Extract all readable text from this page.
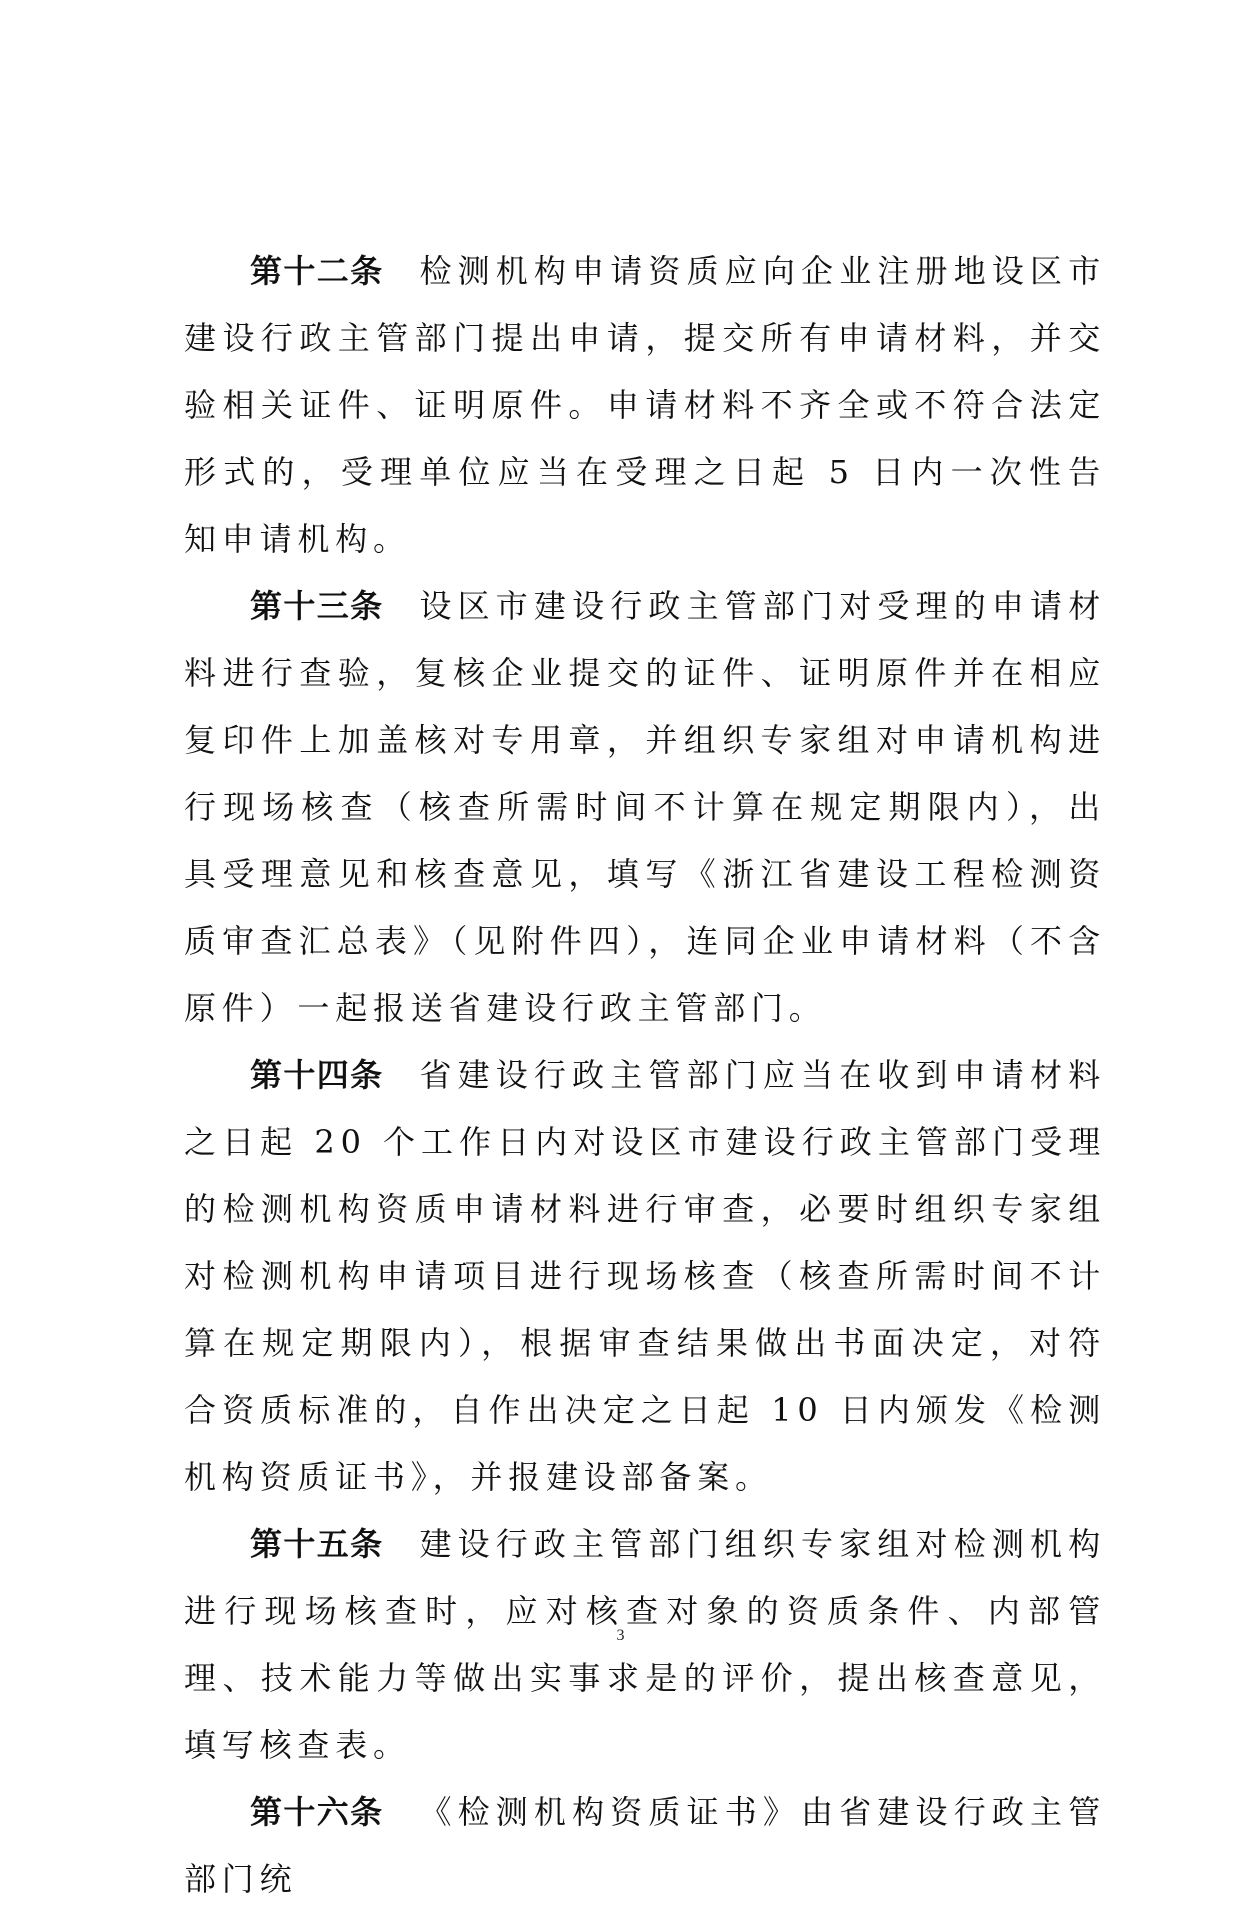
第十二条 检测机构申请资质应向企业注册地设区市建设行政主管部门提出申请，提交所有申请材料，并交验相关证件、证明原件。申请材料不齐全或不符合法定形式的，受理单位应当在受理之日起 5 日内一次性告知申请机构。

第十三条 设区市建设行政主管部门对受理的申请材料进行查验，复核企业提交的证件、证明原件并在相应复印件上加盖核对专用章，并组织专家组对申请机构进行现场核查（核查所需时间不计算在规定期限内），出具受理意见和核查意见，填写《浙江省建设工程检测资质审查汇总表》（见附件四），连同企业申请材料（不含原件）一起报送省建设行政主管部门。

第十四条 省建设行政主管部门应当在收到申请材料之日起 20 个工作日内对设区市建设行政主管部门受理的检测机构资质申请材料进行审查，必要时组织专家组对检测机构申请项目进行现场核查（核查所需时间不计算在规定期限内），根据审查结果做出书面决定，对符合资质标准的，自作出决定之日起 10 日内颁发《检测机构资质证书》，并报建设部备案。

第十五条 建设行政主管部门组织专家组对检测机构进行现场核查时，应对核查对象的资质条件、内部管理、技术能力等做出实事求是的评价，提出核查意见，填写核查表。

第十六条 《检测机构资质证书》由省建设行政主管部门统

3
